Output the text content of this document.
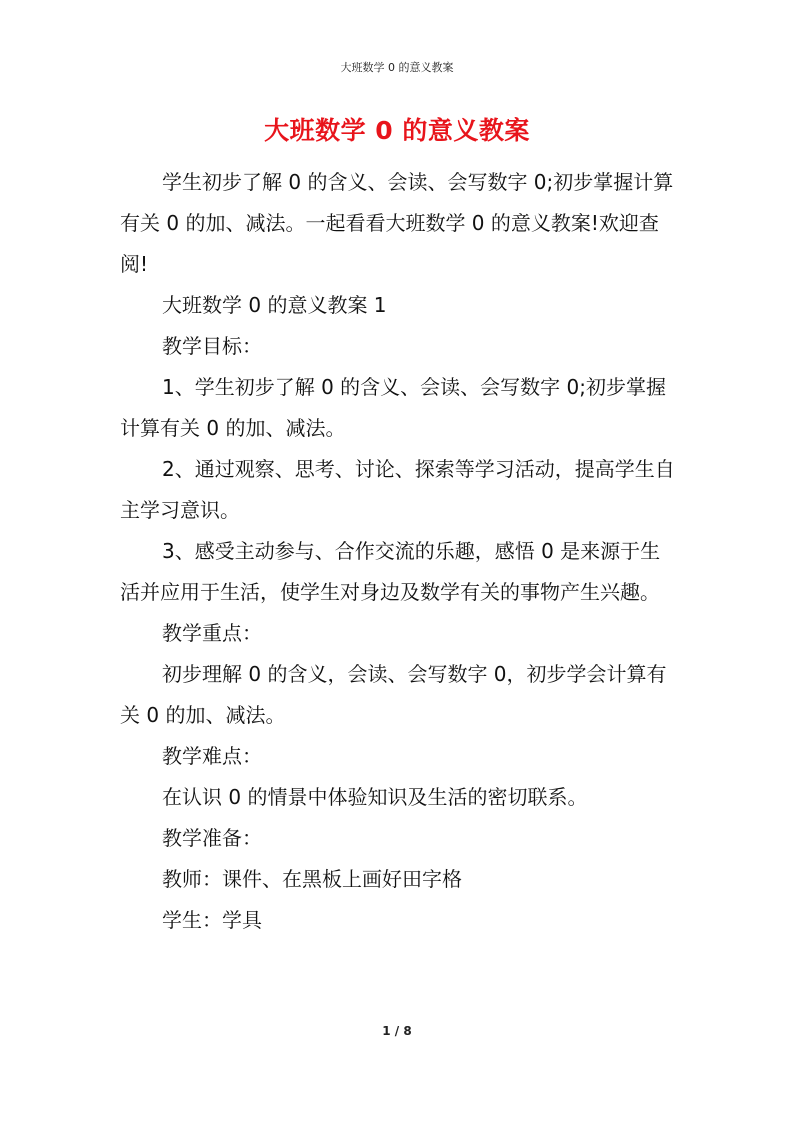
大班数学 0 的意义教案
大班数学 0 的意义教案

学生初步了解 0 的含义、会读、会写数字 0;初步掌握计算有关 0 的加、减法。一起看看大班数学 0 的意义教案!欢迎查阅!

大班数学 0 的意义教案 1

教学目标：

1、学生初步了解 0 的含义、会读、会写数字 0;初步掌握计算有关 0 的加、减法。

2、通过观察、思考、讨论、探索等学习活动，提高学生自主学习意识。

3、感受主动参与、合作交流的乐趣，感悟 0 是来源于生活并应用于生活，使学生对身边及数学有关的事物产生兴趣。

教学重点：

初步理解 0 的含义，会读、会写数字 0，初步学会计算有关 0 的加、减法。

教学难点：

在认识 0 的情景中体验知识及生活的密切联系。

教学准备：

教师：课件、在黑板上画好田字格

学生：学具

1 / 8
